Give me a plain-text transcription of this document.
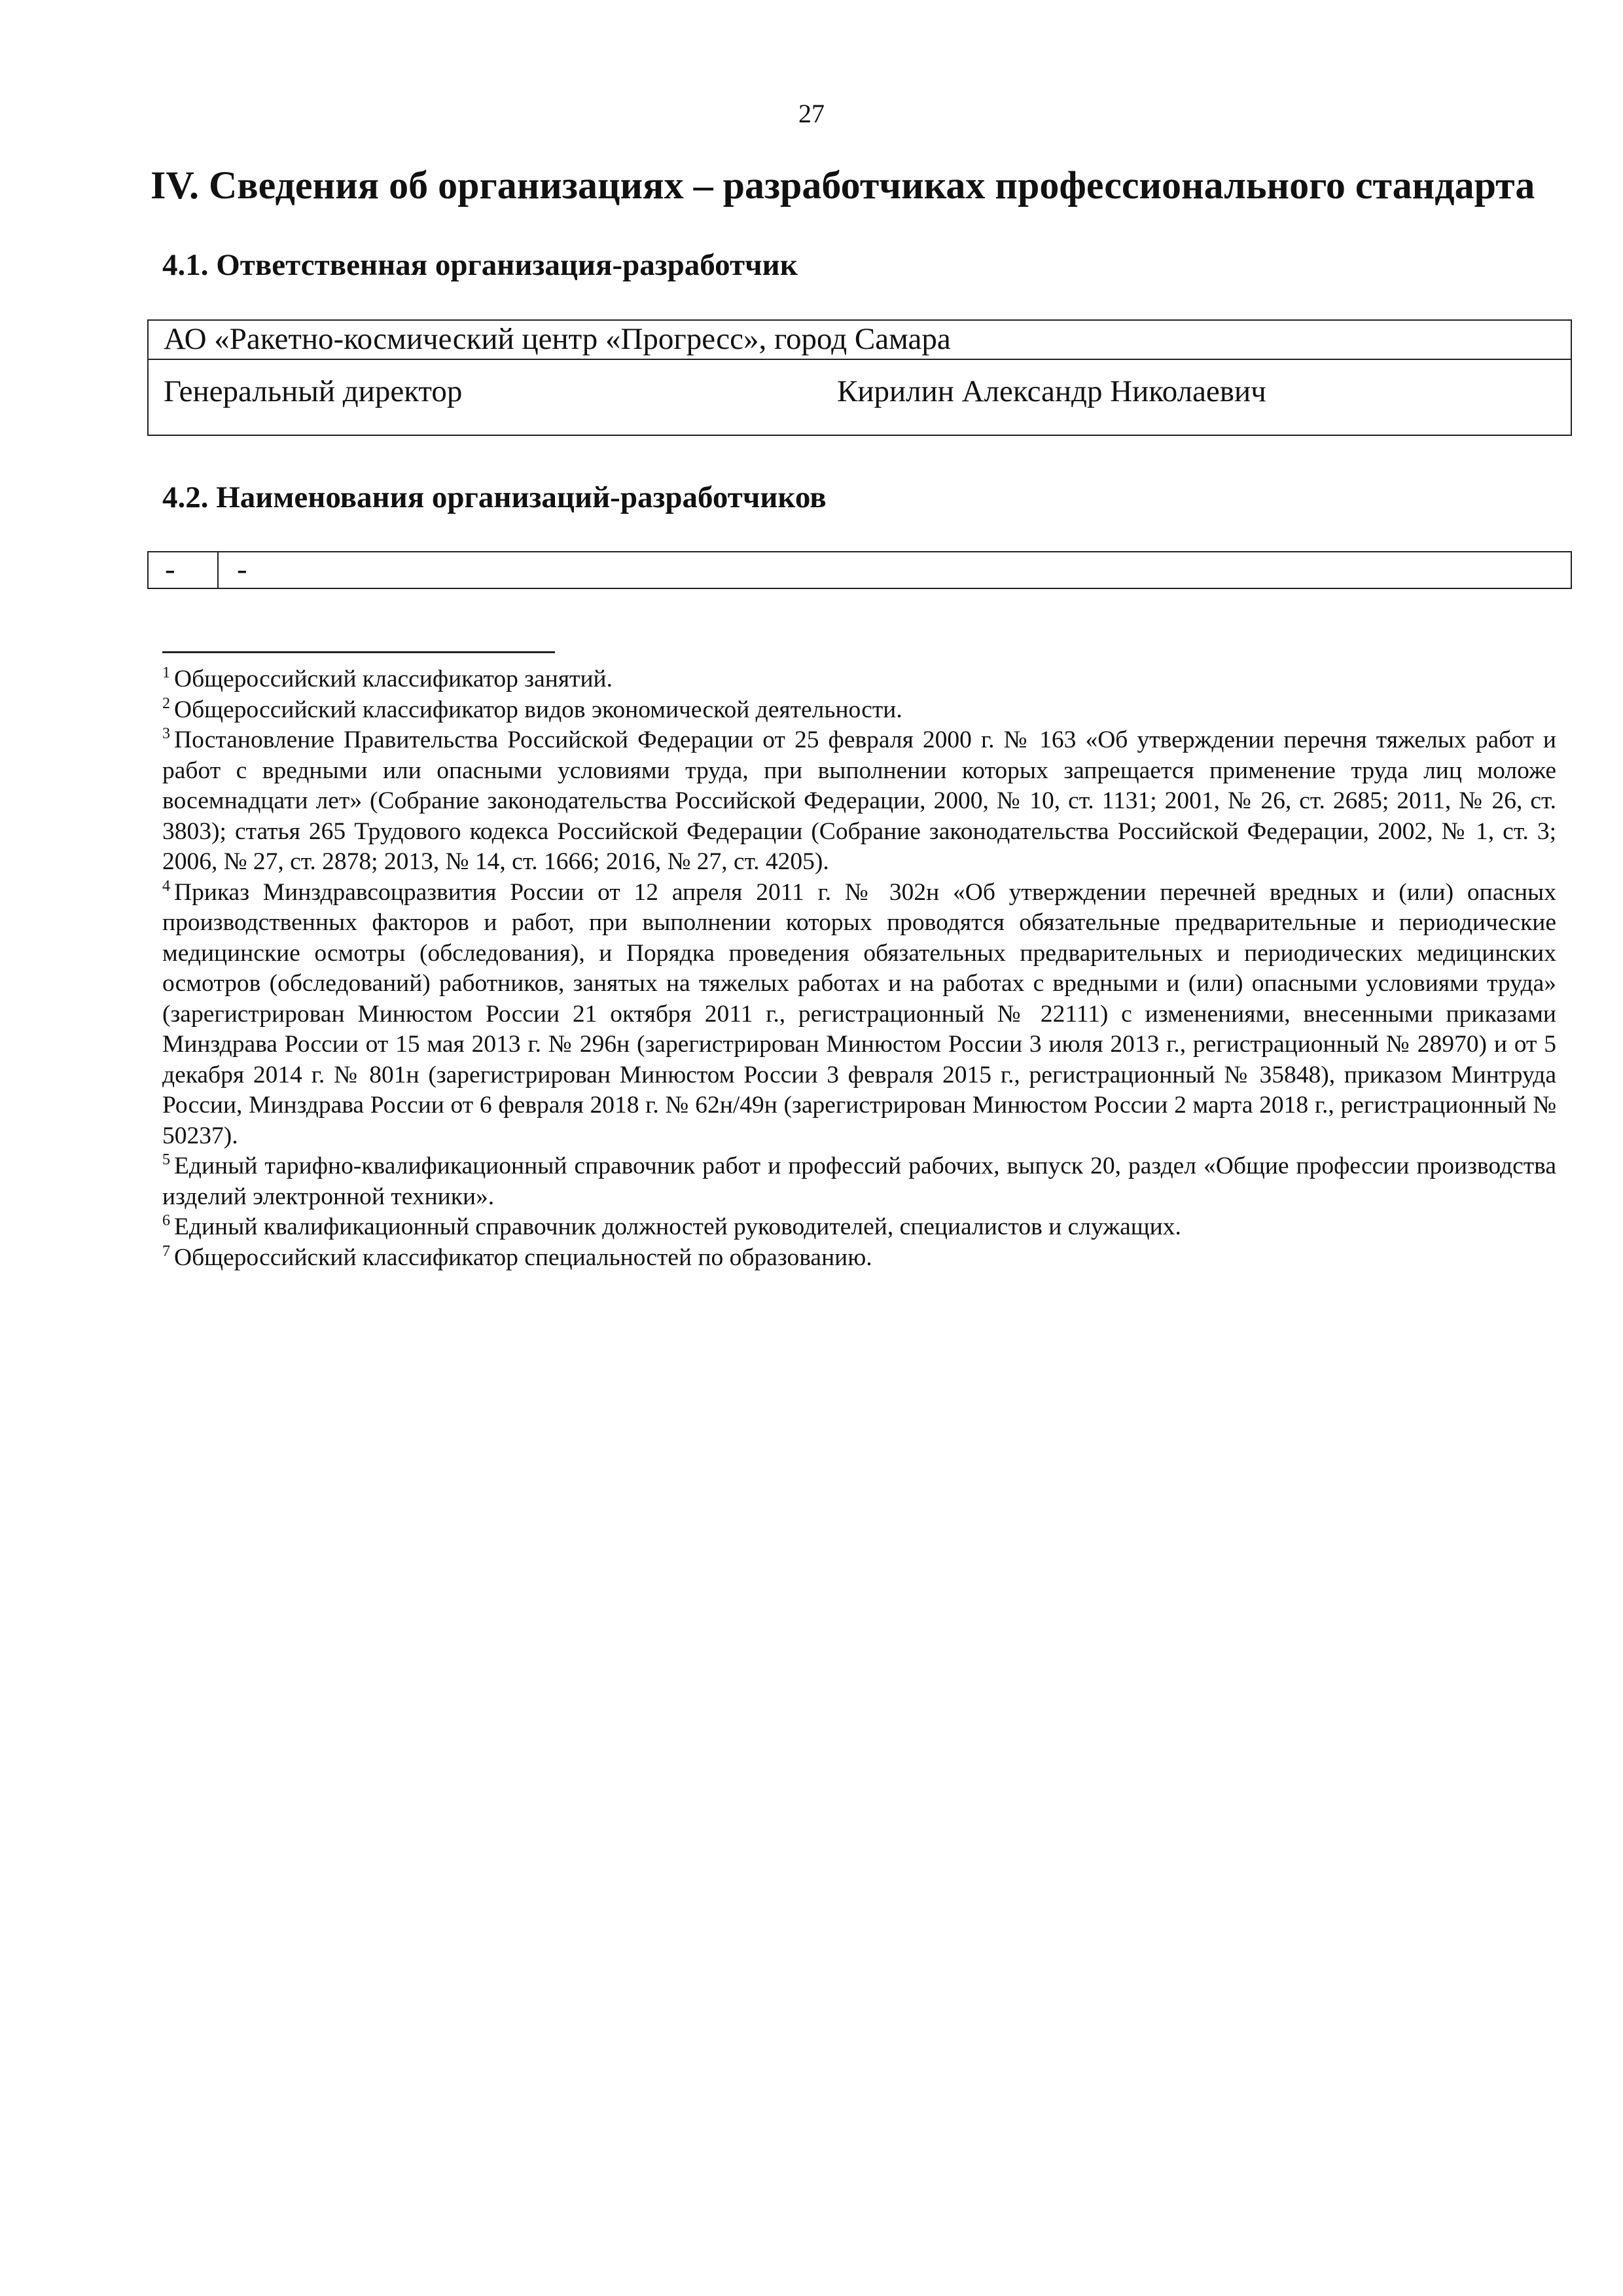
27
IV. Сведения об организациях – разработчиках профессионального стандарта
4.1. Ответственная организация-разработчик
АО «Ракетно-космический центр «Прогресс», город Самара
Генеральный директор	Кирилин Александр Николаевич
4.2. Наименования организаций-разработчиков
- -

$^1$ Общероссийский классификатор занятий.

$^2$ Общероссийский классификатор видов экономической деятельности.

$^3$ Постановление Правительства Российской Федерации от 25 февраля 2000 г. № 163 «Об утверждении перечня тяжелых работ и работ с вредными или опасными условиями труда, при выполнении которых запрещается применение труда лиц моложе восемнадцати лет» (Собрание законодательства Российской Федерации, 2000, № 10, ст. 1131; 2001, № 26, ст. 2685; 2011, № 26, ст. 3803); статья 265 Трудового кодекса Российской Федерации (Собрание законодательства Российской Федерации, 2002, № 1, ст. 3; 2006, № 27, ст. 2878; 2013, № 14, ст. 1666; 2016, № 27, ст. 4205).

$^4$ Приказ Минздравсоцразвития России от 12 апреля 2011 г. № 302н «Об утверждении перечней вредных и (или) опасных производственных факторов и работ, при выполнении которых проводятся обязательные предварительные и периодические медицинские осмотры (обследования), и Порядка проведения обязательных предварительных и периодических медицинских осмотров (обследований) работников, занятых на тяжелых работах и на работах с вредными и (или) опасными условиями труда» (зарегистрирован Минюстом России 21 октября 2011 г., регистрационный № 22111) с изменениями, внесенными приказами Минздрава России от 15 мая 2013 г. № 296н (зарегистрирован Минюстом России 3 июля 2013 г., регистрационный № 28970) и от 5 декабря 2014 г. № 801н (зарегистрирован Минюстом России 3 февраля 2015 г., регистрационный № 35848), приказом Минтруда России, Минздрава России от 6 февраля 2018 г. № 62н/49н (зарегистрирован Минюстом России 2 марта 2018 г., регистрационный № 50237).

$^5$ Единый тарифно-квалификационный справочник работ и профессий рабочих, выпуск 20, раздел «Общие профессии производства изделий электронной техники».

$^6$ Единый квалификационный справочник должностей руководителей, специалистов и служащих.

$^7$ Общероссийский классификатор специальностей по образованию.
